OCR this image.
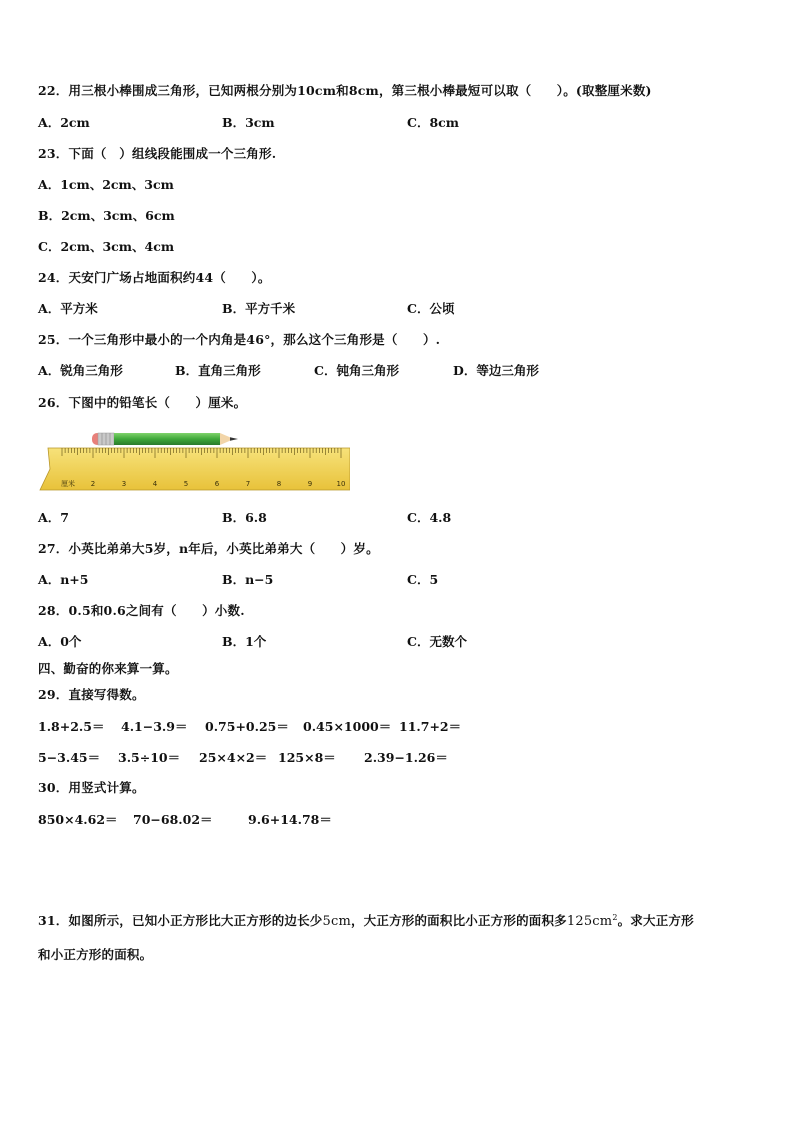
22．用三根小棒围成三角形，已知两根分别为10cm和8cm，第三根小棒最短可以取（　　）。(取整厘米数)
A．2cm	B．3cm	C．8cm
23．下面（　）组线段能围成一个三角形.
A．1cm、2cm、3cm
B．2cm、3cm、6cm
C．2cm、3cm、4cm
24．天安门广场占地面积约44（　　）。
A．平方米	B．平方千米	C．公顷
25．一个三角形中最小的一个内角是46°，那么这个三角形是（　　）.
A．锐角三角形	B．直角三角形	C．钝角三角形	D．等边三角形
26．下图中的铅笔长（　　）厘米。
厘米 2	3	4	5	6	7	8	9	10
A．7	B．6.8	C．4.8
27．小英比弟弟大5岁，n年后，小英比弟弟大（　　）岁。
A．n+5	B．n−5	C．5
28．0.5和0.6之间有（　　）小数.
A．0个	B．1个	C．无数个
四、勤奋的你来算一算。
29．直接写得数。
1.8+2.5＝ 4.1−3.9＝ 0.75+0.25＝ 0.45×1000＝ 11.7+2＝
5−3.45＝ 3.5÷10＝ 25×4×2＝ 125×8＝ 2.39−1.26＝
30．用竖式计算。
850×4.62＝ 70−68.02＝	9.6+14.78＝
31．如图所示，已知小正方形比大正方形的边长少5cm，大正方形的面积比小正方形的面积多$125cm^2$。求大正方形
和小正方形的面积。
